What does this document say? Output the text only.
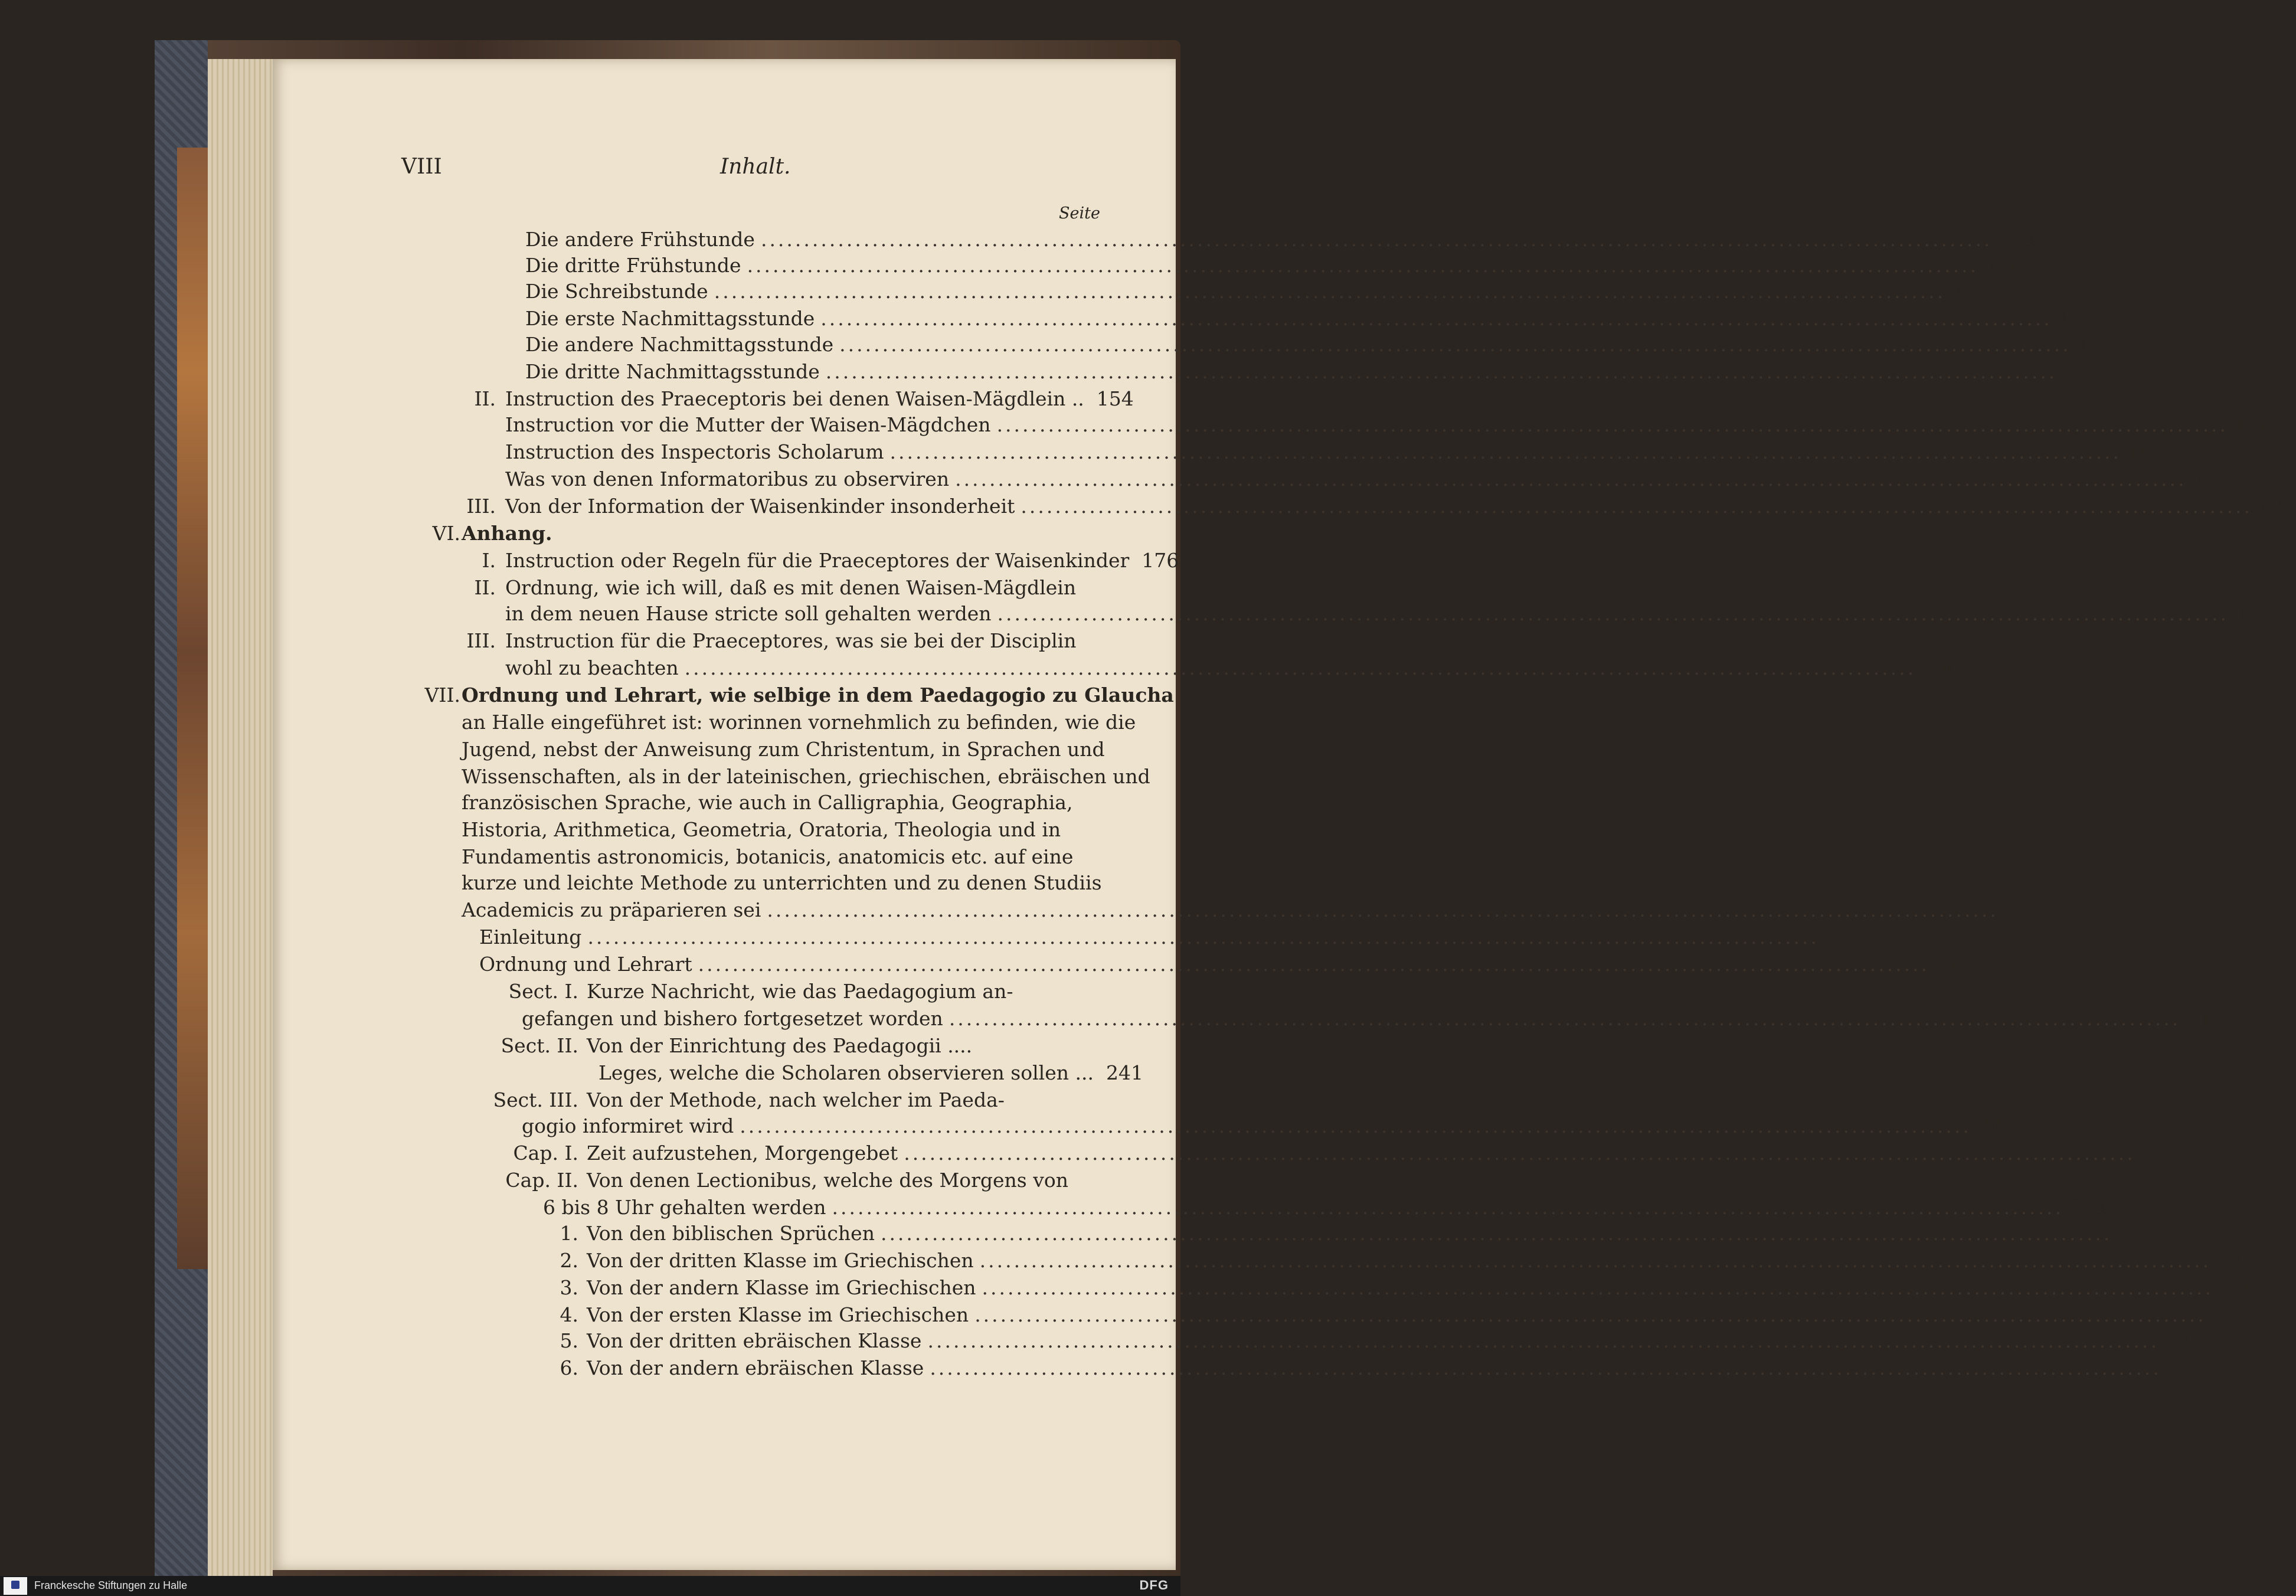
VIII	Inhalt.
Seite
Die andere Frühstunde .....	124
Die dritte Frühstunde .....	130
Die Schreibstunde .....	133
Die erste Nachmittagsstunde .....	141
Die andere Nachmittagsstunde .....	150
Die dritte Nachmittagsstunde .....	152
II. Instruction des Praeceptoris bei denen Waisen-Mägdlein .. 154
Instruction vor die Mutter der Waisen-Mägdchen .....	156
Instruction des Inspectoris Scholarum .....	160
Was von denen Informatoribus zu observiren .....	161
III. Von der Information der Waisenkinder insonderheit .....	172
VI. Anhang.
I. Instruction oder Regeln für die Praeceptores der Waisenkinder 176
II. Ordnung, wie ich will, daß es mit denen Waisen-Mägdlein
in dem neuen Hause stricte soll gehalten werden .....	187
III. Instruction für die Praeceptores, was sie bei der Disciplin
wohl zu beachten .....	190
VII. Ordnung und Lehrart, wie selbige in dem Paedagogio zu Glaucha
an Halle eingeführet ist: worinnen vornehmlich zu befinden, wie die
Jugend, nebst der Anweisung zum Christentum, in Sprachen und
Wissenschaften, als in der lateinischen, griechischen, ebräischen und
französischen Sprache, wie auch in Calligraphia, Geographia,
Historia, Arithmetica, Geometria, Oratoria, Theologia und in
Fundamentis astronomicis, botanicis, anatomicis etc. auf eine
kurze und leichte Methode zu unterrichten und zu denen Studiis
Academicis zu präparieren sei .....	205
Einleitung .....	207
Ordnung und Lehrart .....	217
Sect. I. Kurze Nachricht, wie das Paedagogium an-
gefangen und bishero fortgesetzet worden .....	217
Sect. II. Von der Einrichtung des Paedagogii ....	219
Leges, welche die Scholaren observieren sollen ... 241
Sect. III. Von der Methode, nach welcher im Paeda-
gogio informiret wird .....	243
Cap. I. Zeit aufzustehen, Morgengebet .....	243
Cap. II. Von denen Lectionibus, welche des Morgens von
6 bis 8 Uhr gehalten werden .....	244
1. Von den biblischen Sprüchen .....	244
2. Von der dritten Klasse im Griechischen .....	245
3. Von der andern Klasse im Griechischen .....	246
4. Von der ersten Klasse im Griechischen .....	247
5. Von der dritten ebräischen Klasse .....	248
6. Von der andern ebräischen Klasse .....	249
Franckesche Stiftungen zu Halle	DFG
